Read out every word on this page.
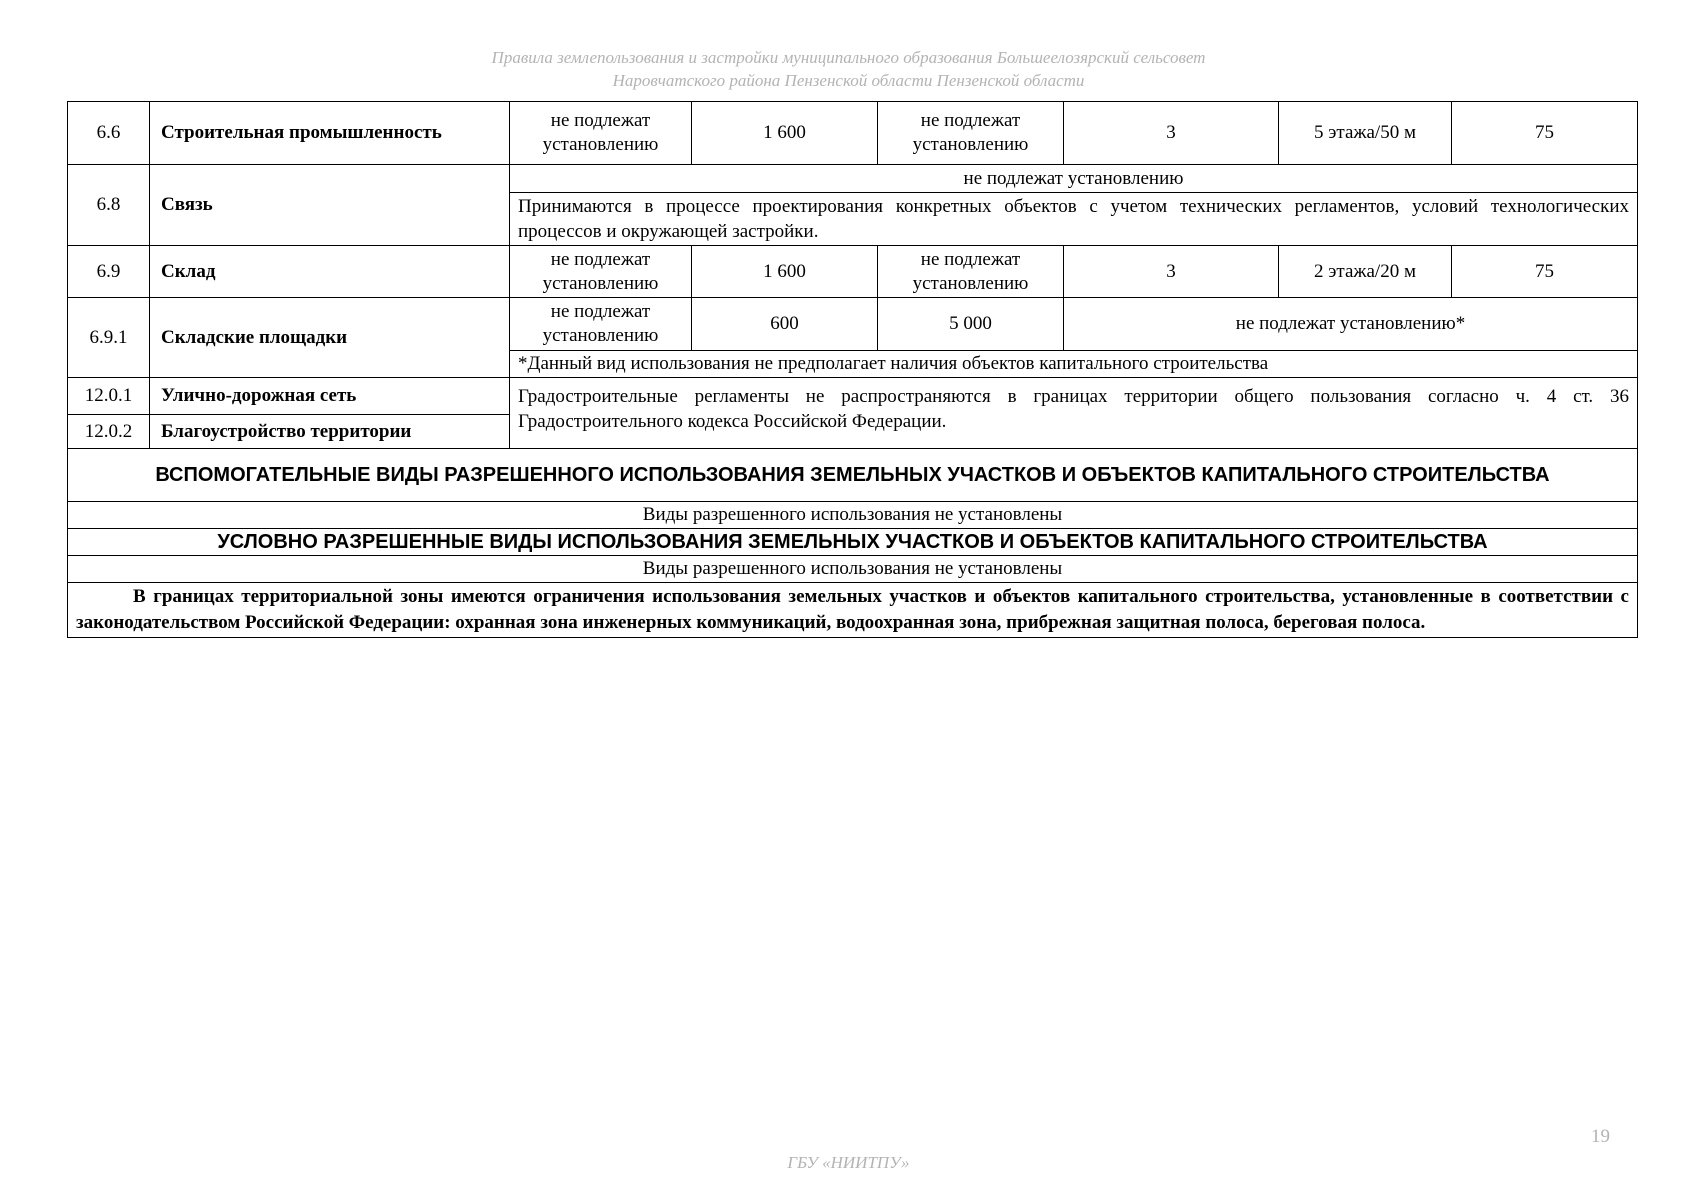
Правила землепользования и застройки муниципального образования Большеелозярский сельсовет
Наровчатского района Пензенской области Пензенской области
6.6	Строительная промышленность	не подлежат установлению	1 600	не подлежат установлению	3	5 этажа/50 м	75
6.8	Связь	не подлежат установлению					
		Принимаются в процессе проектирования конкретных объектов с учетом технических регламентов, условий технологических процессов и окружающей застройки.					
6.9	Склад	не подлежат установлению	1 600	не подлежат установлению	3	2 этажа/20 м	75
6.9.1	Складские площадки	не подлежат установлению	600	5 000	не подлежат установлению*		
		*Данный вид использования не предполагает наличия объектов капитального строительства					
12.0.1	Улично-дорожная сеть	Градостроительные регламенты не распространяются в границах территории общего пользования согласно ч. 4 ст. 36 Градостроительного кодекса Российской Федерации.					
12.0.2	Благоустройство территории						
ВСПОМОГАТЕЛЬНЫЕ ВИДЫ РАЗРЕШЕННОГО ИСПОЛЬЗОВАНИЯ ЗЕМЕЛЬНЫХ УЧАСТКОВ И ОБЪЕКТОВ КАПИТАЛЬНОГО СТРОИТЕЛЬСТВА							
Виды разрешенного использования не установлены							
УСЛОВНО РАЗРЕШЕННЫЕ ВИДЫ ИСПОЛЬЗОВАНИЯ ЗЕМЕЛЬНЫХ УЧАСТКОВ И ОБЪЕКТОВ КАПИТАЛЬНОГО СТРОИТЕЛЬСТВА							
Виды разрешенного использования не установлены							
В границах территориальной зоны имеются ограничения использования земельных участков и объектов капитального строительства, установленные в соответствии с законодательством Российской Федерации: охранная зона инженерных коммуникаций, водоохранная зона, прибрежная защитная полоса, береговая полоса.							
19
ГБУ «НИИТПУ»
